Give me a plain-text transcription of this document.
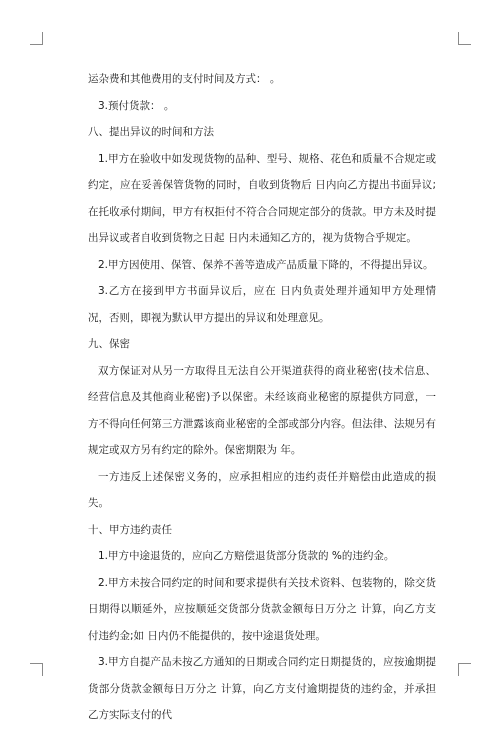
运杂费和其他费用的支付时间及方式： 。

3.预付货款： 。

八、提出异议的时间和方法

1.甲方在验收中如发现货物的品种、型号、规格、花色和质量不合规定或约定，应在妥善保管货物的同时，自收到货物后 日内向乙方提出书面异议;在托收承付期间，甲方有权拒付不符合合同规定部分的货款。甲方未及时提出异议或者自收到货物之日起 日内未通知乙方的，视为货物合乎规定。

2.甲方因使用、保管、保养不善等造成产品质量下降的，不得提出异议。

3.乙方在接到甲方书面异议后，应在 日内负责处理并通知甲方处理情况，否则，即视为默认甲方提出的异议和处理意见。

九、保密

双方保证对从另一方取得且无法自公开渠道获得的商业秘密(技术信息、经营信息及其他商业秘密)予以保密。未经该商业秘密的原提供方同意，一方不得向任何第三方泄露该商业秘密的全部或部分内容。但法律、法规另有规定或双方另有约定的除外。保密期限为 年。

一方违反上述保密义务的，应承担相应的违约责任并赔偿由此造成的损失。

十、甲方违约责任

1.甲方中途退货的，应向乙方赔偿退货部分货款的 %的违约金。

2.甲方未按合同约定的时间和要求提供有关技术资料、包装物的，除交货日期得以顺延外，应按顺延交货部分货款金额每日万分之 计算，向乙方支付违约金;如 日内仍不能提供的，按中途退货处理。

3.甲方自提产品未按乙方通知的日期或合同约定日期提货的，应按逾期提货部分货款金额每日万分之 计算，向乙方支付逾期提货的违约金，并承担乙方实际支付的代
